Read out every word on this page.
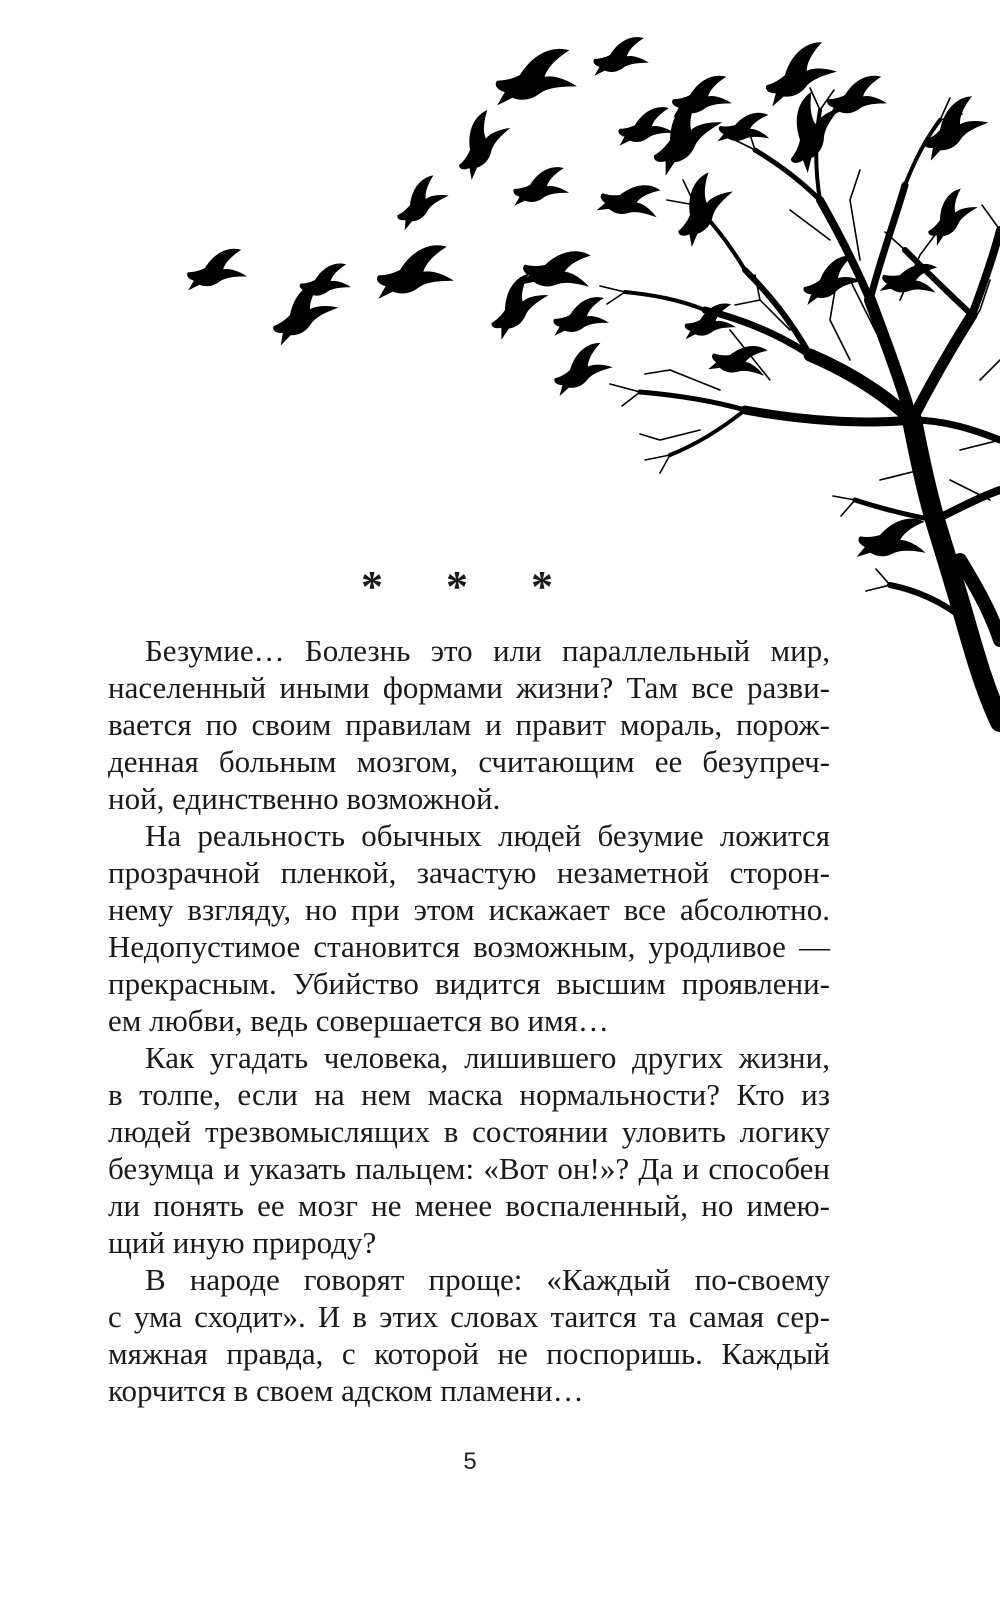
* * *

Безумие… Болезнь это или параллельный мир,
населенный иными формами жизни? Там все разви-
вается по своим правилам и правит мораль, порож-
денная больным мозгом, считающим ее безупреч-
ной, единственно возможной.

На реальность обычных людей безумие ложится
прозрачной пленкой, зачастую незаметной сторон-
нему взгляду, но при этом искажает все абсолютно.
Недопустимое становится возможным, уродливое —
прекрасным. Убийство видится высшим проявлени-
ем любви, ведь совершается во имя…

Как угадать человека, лишившего других жизни,
в толпе, если на нем маска нормальности? Кто из
людей трезвомыслящих в состоянии уловить логику
безумца и указать пальцем: «Вот он!»? Да и способен
ли понять ее мозг не менее воспаленный, но имею-
щий иную природу?

В народе говорят проще: «Каждый по-своему
с ума сходит». И в этих словах таится та самая сер-
мяжная правда, с которой не поспоришь. Каждый
корчится в своем адском пламени…

5
